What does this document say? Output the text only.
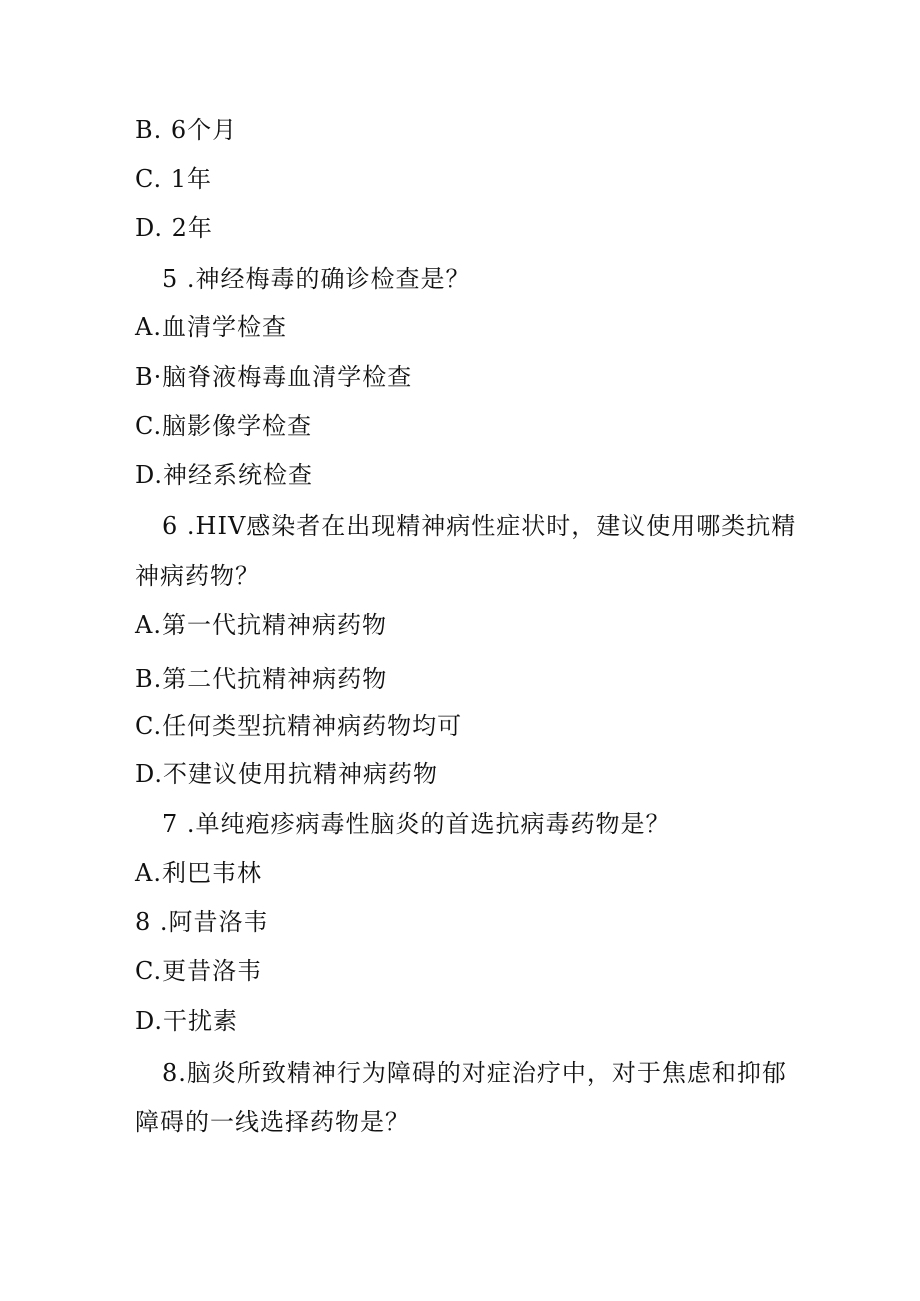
B. 6个月
C. 1年
D. 2年
5 .神经梅毒的确诊检查是？
A.血清学检查
B·脑脊液梅毒血清学检查
C.脑影像学检查
D.神经系统检查
6 .HIV感染者在出现精神病性症状时，建议使用哪类抗精
神病药物？
A.第一代抗精神病药物
B.第二代抗精神病药物
C.任何类型抗精神病药物均可
D.不建议使用抗精神病药物
7 .单纯疱疹病毒性脑炎的首选抗病毒药物是？
A.利巴韦林
8 .阿昔洛韦
C.更昔洛韦
D.干扰素
8.脑炎所致精神行为障碍的对症治疗中，对于焦虑和抑郁
障碍的一线选择药物是？
